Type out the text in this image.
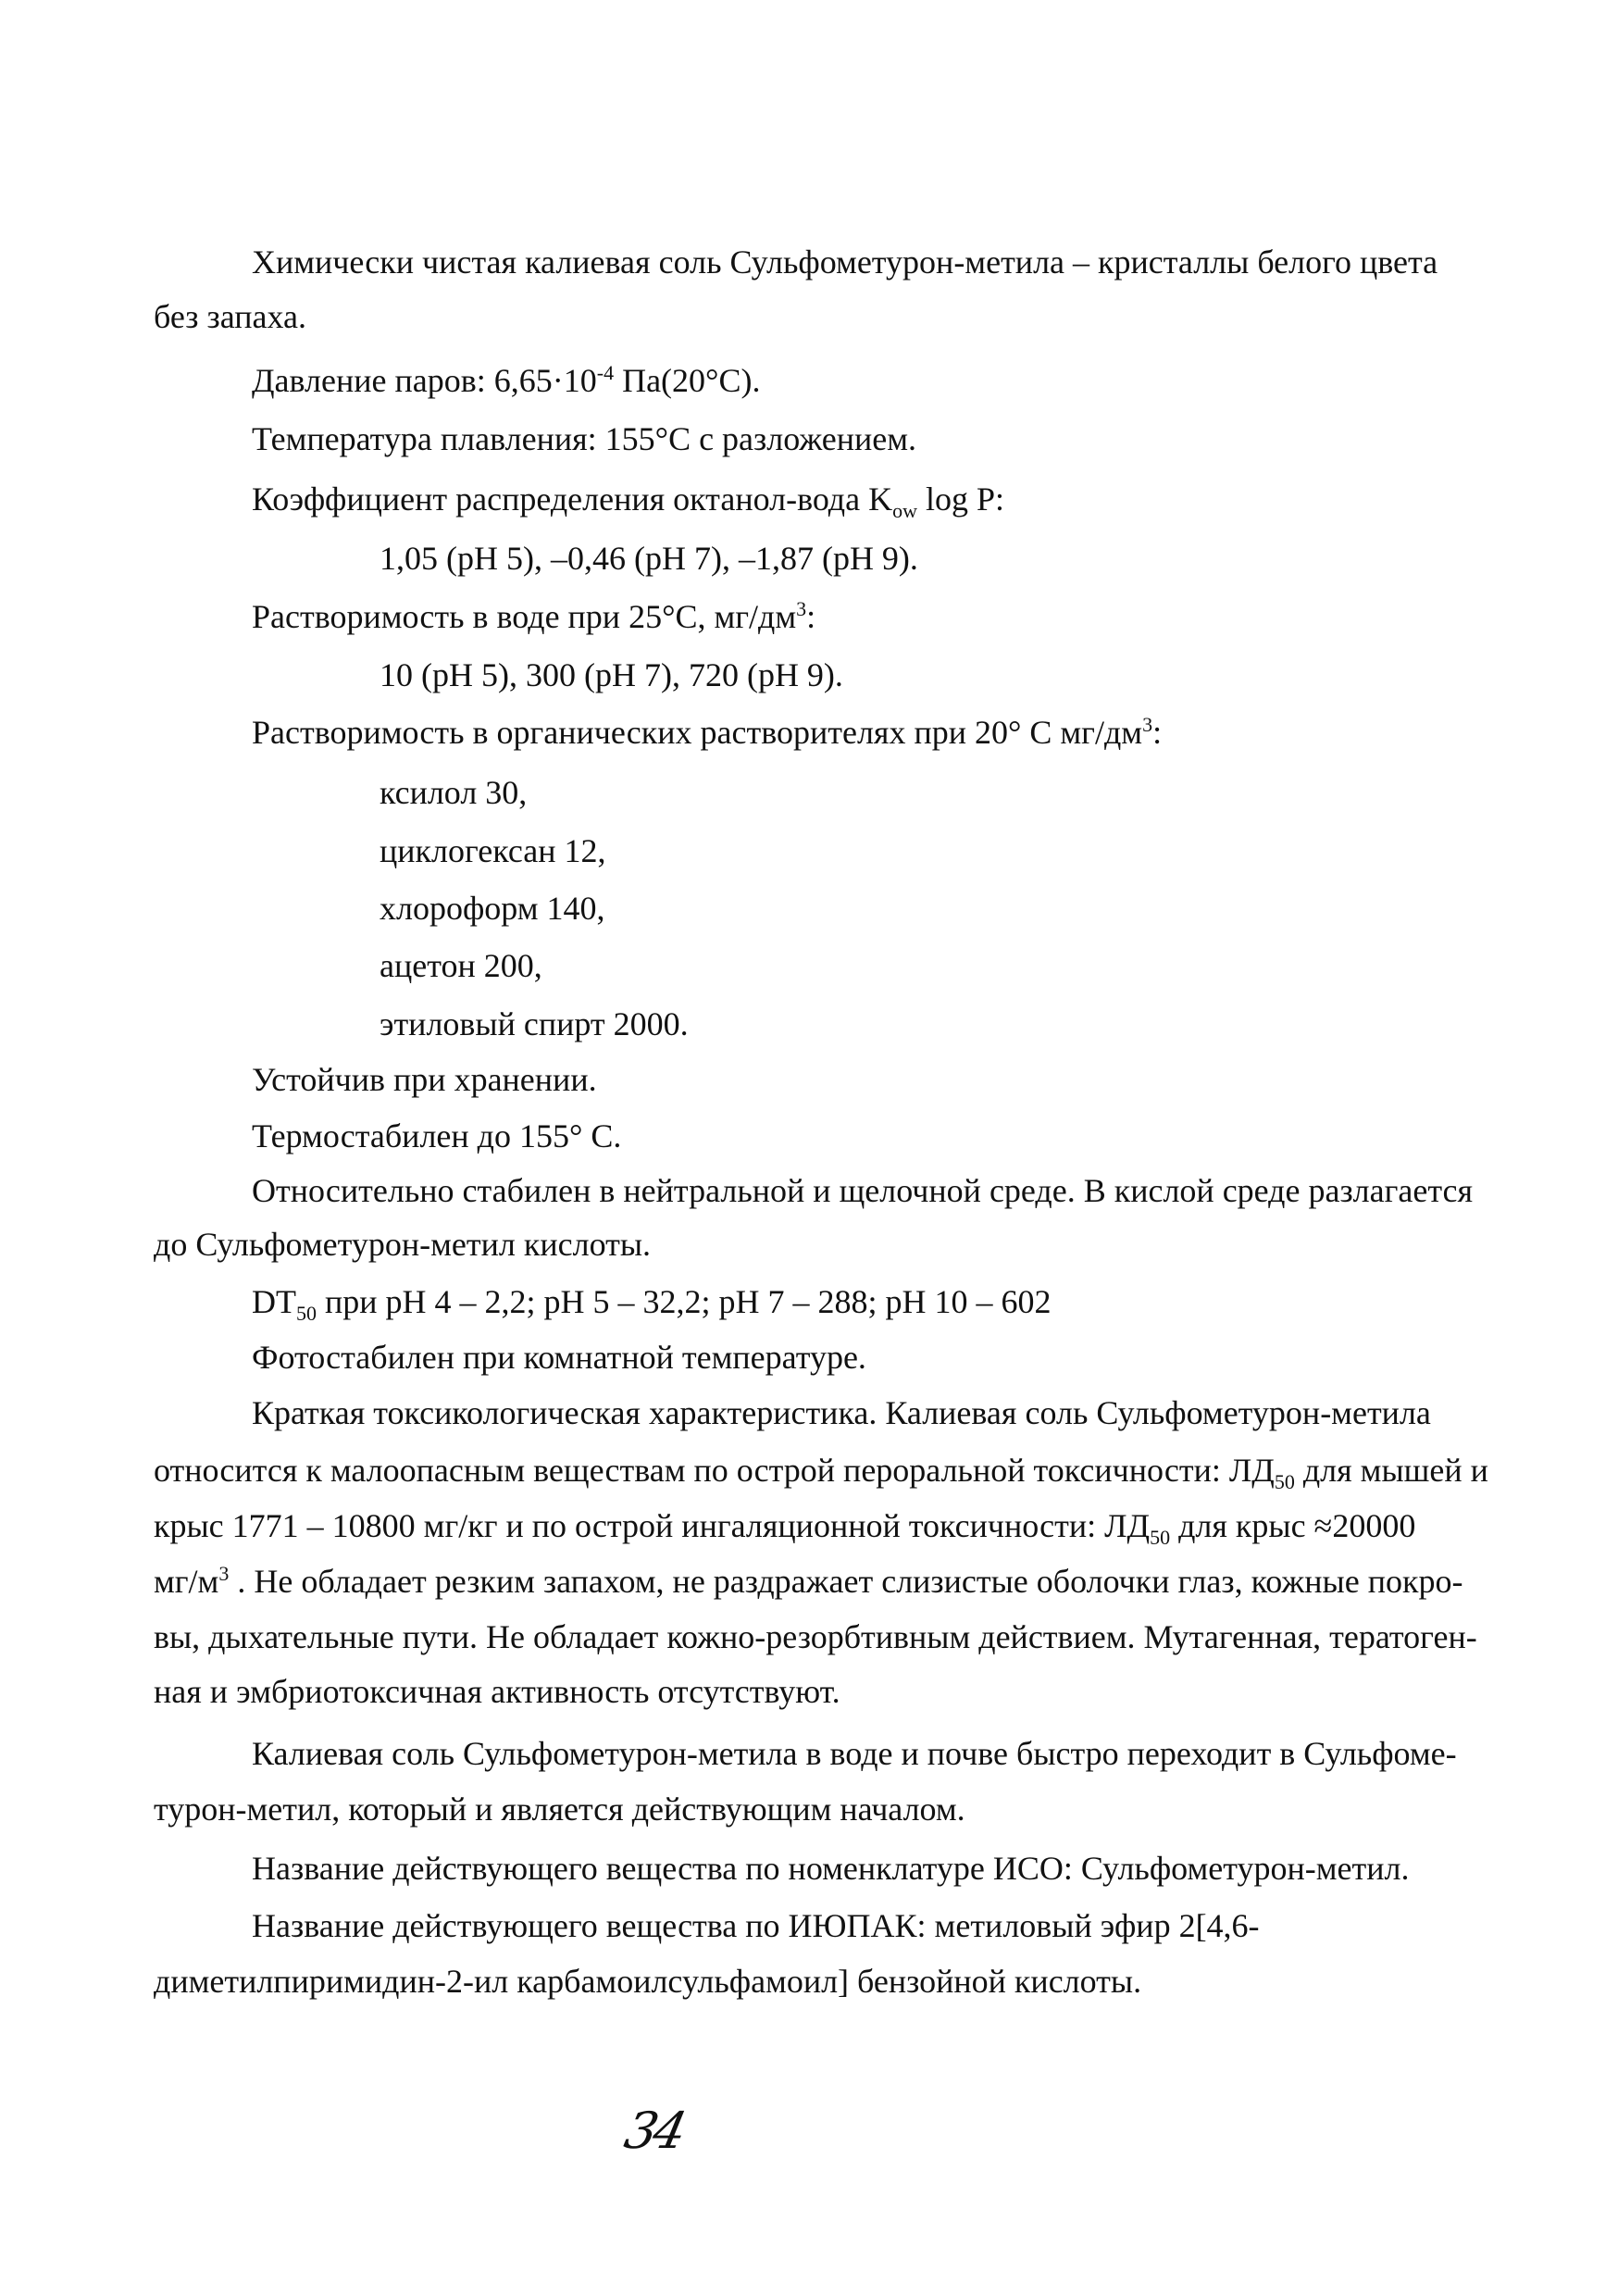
Химически чистая калиевая соль Сульфометурон-метила – кристаллы белого цвета
без запаха.
Давление паров: $6,65\cdot 10^{-4}$ Па(20°С).
Температура плавления: 155°С с разложением.
Коэффициент распределения октанол-вода $K_{ow}$ log P:
1,05 (pH 5), –0,46 (pH 7), –1,87 (pH 9).
Растворимость в воде при 25°С, $мг/дм^3$:
10 (pH 5), 300 (pH 7), 720 (pH 9).
Растворимость в органических растворителях при 20° С $мг/дм^3$:
ксилол 30,
циклогексан 12,
хлороформ 140,
ацетон 200,
этиловый спирт 2000.
Устойчив при хранении.
Термостабилен до 155° С.
Относительно стабилен в нейтральной и щелочной среде. В кислой среде разлагается
до Сульфометурон-метил кислоты.
$DT_{50}$ при pH 4 – 2,2; pH 5 – 32,2; pH 7 – 288; pH 10 – 602
Фотостабилен при комнатной температуре.
Краткая токсикологическая характеристика. Калиевая соль Сульфометурон-метила
относится к малоопасным веществам по острой пероральной токсичности: $ЛД_{50}$ для мышей и
крыс 1771 – 10800 мг/кг и по острой ингаляционной токсичности: $ЛД_{50}$ для крыс ≈20000
$мг/м^3$ . Не обладает резким запахом, не раздражает слизистые оболочки глаз, кожные покро-
вы, дыхательные пути. Не обладает кожно-резорбтивным действием. Мутагенная, тератоген-
ная и эмбриотоксичная активность отсутствуют.
Калиевая соль Сульфометурон-метила в воде и почве быстро переходит в Сульфоме-
турон-метил, который и является действующим началом.
Название действующего вещества по номенклатуре ИСО: Сульфометурон-метил.
Название действующего вещества по ИЮПАК: метиловый эфир 2[4,6-
диметилпиримидин-2-ил карбамоилсульфамоил] бензойной кислоты.
34
